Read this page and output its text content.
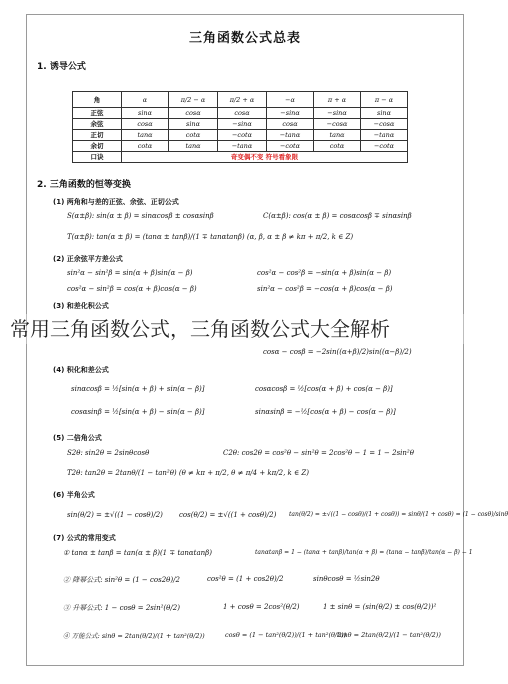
三角函数公式总表
1. 诱导公式
角	α	π/2 − α	π/2 + α	−α	π + α	π − α
正弦	sinα	cosα	cosα	−sinα	−sinα	sinα
余弦	cosα	sinα	−sinα	cosα	−cosα	−cosα
正切	tanα	cotα	−cotα	−tanα	tanα	−tanα
余切	cotα	tanα	−tanα	−cotα	cotα	−cotα
口诀	奇变偶不变 符号看象限					
2. 三角函数的恒等变换
(1) 两角和与差的正弦、余弦、正切公式
S(α±β): sin(α ± β) = sinαcosβ ± cosαsinβ	C(α±β): cos(α ± β) = cosαcosβ ∓ sinαsinβ
T(α±β): tan(α ± β) = (tanα ± tanβ)/(1 ∓ tanαtanβ) (α, β, α ± β ≠ kπ + π/2, k ∈ Z)
(2) 正余弦平方差公式
sin²α − sin²β = sin(α + β)sin(α − β)	cos²α − cos²β = −sin(α + β)sin(α − β)
cos²α − sin²β = cos(α + β)cos(α − β)	sin²α − cos²β = −cos(α + β)cos(α − β)
(3) 和差化积公式
cosα − cosβ = −2sin((α+β)/2)sin((α−β)/2)
(4) 积化和差公式
sinαcosβ = ½[sin(α + β) + sin(α − β)]	cosαcosβ = ½[cos(α + β) + cos(α − β)]
cosαsinβ = ½[sin(α + β) − sin(α − β)]	sinαsinβ = −½[cos(α + β) − cos(α − β)]
(5) 二倍角公式
S2θ: sin2θ = 2sinθcosθ	C2θ: cos2θ = cos²θ − sin²θ = 2cos²θ − 1 = 1 − 2sin²θ
T2θ: tan2θ = 2tanθ/(1 − tan²θ) (θ ≠ kπ + π/2, θ ≠ π/4 + kπ/2, k ∈ Z)
(6) 半角公式
sin(θ/2) = ±√((1 − cosθ)/2) cos(θ/2) = ±√((1 + cosθ)/2) tan(θ/2) = ±√((1 − cosθ)/(1 + cosθ)) = sinθ/(1 + cosθ) = (1 − cosθ)/sinθ
(7) 公式的常用变式
① tanα ± tanβ = tan(α ± β)(1 ∓ tanαtanβ)	tanαtanβ = 1 − (tanα + tanβ)/tan(α + β) = (tanα − tanβ)/tan(α − β) − 1
② 降幂公式: sin²θ = (1 − cos2θ)/2	cos²θ = (1 + cos2θ)/2	sinθcosθ = ½sin2θ
③ 升幂公式: 1 − cosθ = 2sin²(θ/2)	1 + cosθ = 2cos²(θ/2)	1 ± sinθ = (sin(θ/2) ± cos(θ/2))²
④ 万能公式: sinθ = 2tan(θ/2)/(1 + tan²(θ/2))	cosθ = (1 − tan²(θ/2))/(1 + tan²(θ/2))
tanθ = 2tan(θ/2)/(1 − tan²(θ/2))
常用三角函数公式，三角函数公式大全解析
